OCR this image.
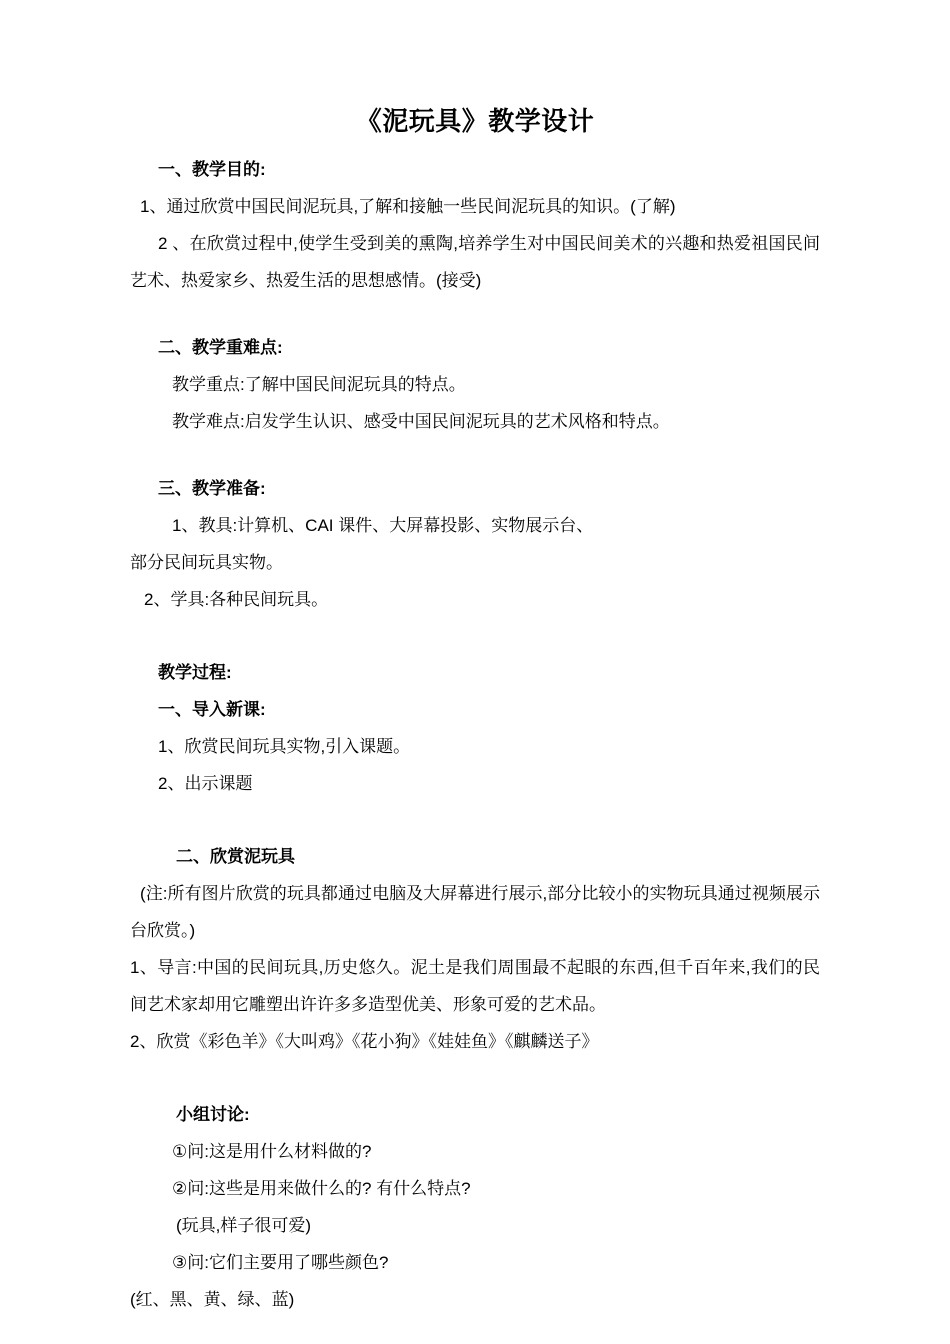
《泥玩具》教学设计

一、教学目的:

1、通过欣赏中国民间泥玩具,了解和接触一些民间泥玩具的知识。(了解)

2 、在欣赏过程中,使学生受到美的熏陶,培养学生对中国民间美术的兴趣和热爱祖国民间艺术、热爱家乡、热爱生活的思想感情。(接受)

二、教学重难点:

教学重点:了解中国民间泥玩具的特点。

教学难点:启发学生认识、感受中国民间泥玩具的艺术风格和特点。

三、教学准备:

1、教具:计算机、CAI 课件、大屏幕投影、实物展示台、

部分民间玩具实物。

2、学具:各种民间玩具。

教学过程:

一、导入新课:

1、欣赏民间玩具实物,引入课题。

2、出示课题

二、欣赏泥玩具

(注:所有图片欣赏的玩具都通过电脑及大屏幕进行展示,部分比较小的实物玩具通过视频展示台欣赏。)

1、导言:中国的民间玩具,历史悠久。泥土是我们周围最不起眼的东西,但千百年来,我们的民间艺术家却用它雕塑出许许多多造型优美、形象可爱的艺术品。

2、欣赏《彩色羊》《大叫鸡》《花小狗》《娃娃鱼》《麒麟送子》

小组讨论:

①问:这是用什么材料做的?

②问:这些是用来做什么的? 有什么特点?

(玩具,样子很可爱)

③问:它们主要用了哪些颜色?

(红、黑、黄、绿、蓝)
